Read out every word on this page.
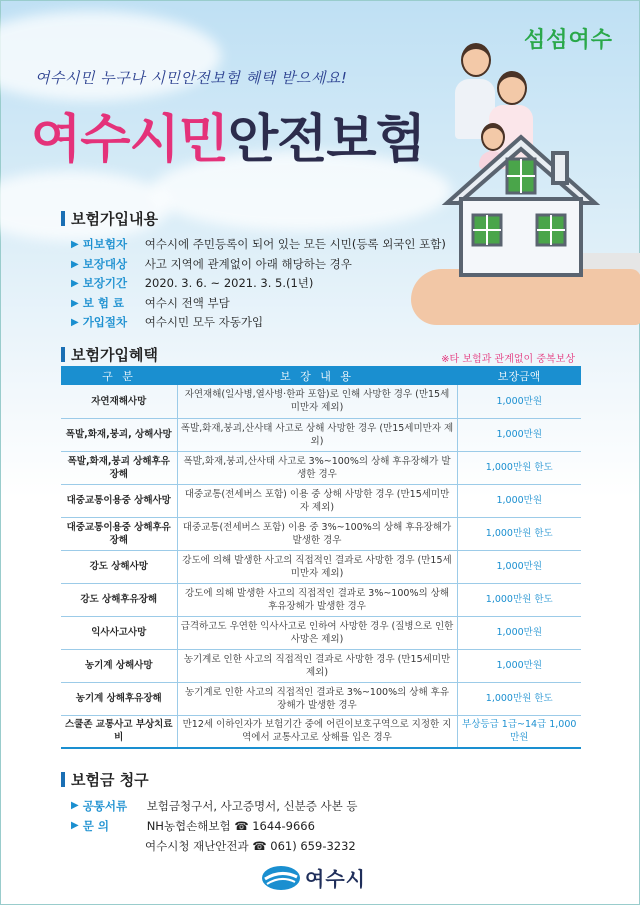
섬섬여수
여수시민 누구나 시민안전보험 혜택 받으세요!
여수시민안전보험
보험가입내용
▶ 피보험자	여수시에 주민등록이 되어 있는 모든 시민(등록 외국인 포함)
▶ 보장대상	사고 지역에 관계없이 아래 해당하는 경우
▶ 보장기간	2020. 3. 6. ~ 2021. 3. 5.(1년)
▶ 보 험 료	여수시 전액 부담
▶ 가입절차	여수시민 모두 자동가입
보험가입혜택	※타 보험과 관계없이 중복보상
구 분	보 장 내 용	보장금액
자연재해사망	자연재해(일사병,열사병·한파 포함)로 인해 사망한 경우 (만15세 미만자 제외)	1,000만원
폭발,화재,붕괴, 상해사망	폭발,화재,붕괴,산사태 사고로 상해 사망한 경우 (만15세미만자 제외)	1,000만원
폭발,화재,붕괴 상해후유장해	폭발,화재,붕괴,산사태 사고로 3%~100%의 상해 후유장해가 발생한 경우	1,000만원 한도
대중교통이용중 상해사망	대중교통(전세버스 포함) 이용 중 상해 사망한 경우 (만15세미만자 제외)	1,000만원
대중교통이용중 상해후유장해	대중교통(전세버스 포함) 이용 중 3%~100%의 상해 후유장해가 발생한 경우	1,000만원 한도
강도 상해사망	강도에 의해 발생한 사고의 직접적인 결과로 사망한 경우 (만15세미만자 제외)	1,000만원
강도 상해후유장해	강도에 의해 발생한 사고의 직접적인 결과로 3%~100%의 상해 후유장해가 발생한 경우	1,000만원 한도
익사사고사망	급격하고도 우연한 익사사고로 인하여 사망한 경우 (질병으로 인한 사망은 제외)	1,000만원
농기계 상해사망	농기계로 인한 사고의 직접적인 결과로 사망한 경우 (만15세미만 제외)	1,000만원
농기계 상해후유장해	농기계로 인한 사고의 직접적인 결과로 3%~100%의 상해 후유장해가 발생한 경우	1,000만원 한도
스쿨존 교통사고 부상치료비	만12세 이하인자가 보험기간 중에 어린이보호구역으로 지정한 지역에서 교통사고로 상해를 입은 경우	부상등급 1급~14급 1,000만원
보험금 청구
▶ 공통서류	보험금청구서, 사고증명서, 신분증 사본 등
▶ 문 의	NH농협손해보험 ☎ 1644-9666
여수시청 재난안전과 ☎ 061) 659-3232
여수시
